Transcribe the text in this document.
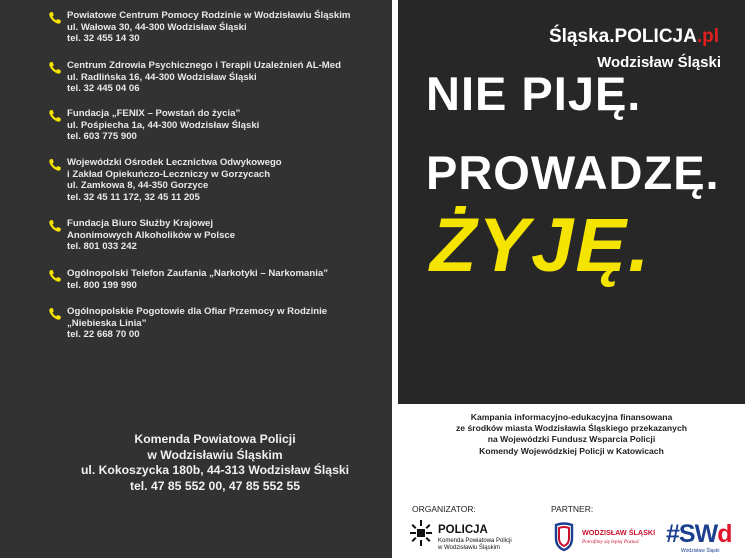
Powiatowe Centrum Pomocy Rodzinie w Wodzisławiu Śląskim
ul. Wałowa 30, 44-300 Wodzisław Śląski
tel. 32 455 14 30
Centrum Zdrowia Psychicznego i Terapii Uzależnień AL-Med
ul. Radlińska 16, 44-300 Wodzisław Śląski
tel. 32 445 04 06
Fundacja „FENIX – Powstań do życia”
ul. Pośpiecha 1a, 44-300 Wodzisław Śląski
tel. 603 775 900
Wojewódzki Ośrodek Lecznictwa Odwykowego
i Zakład Opiekuńczo-Leczniczy w Gorzycach
ul. Zamkowa 8, 44-350 Gorzyce
tel. 32 45 11 172, 32 45 11 205
Fundacja Biuro Służby Krajowej
Anonimowych Alkoholików w Polsce
tel. 801 033 242
Ogólnopolski Telefon Zaufania „Narkotyki – Narkomania”
tel. 800 199 990
Ogólnopolskie Pogotowie dla Ofiar Przemocy w Rodzinie
„Niebieska Linia”
tel. 22 668 70 00
Komenda Powiatowa Policji
w Wodzisławiu Śląskim
ul. Kokoszycka 180b, 44-313 Wodzisław Śląski
tel. 47 85 552 00, 47 85 552 55
Śląska.POLICJA.pl
Wodzisław Śląski
NIE PIJĘ.
PROWADZĘ.
ŻYJĘ.
Kampania informacyjno-edukacyjna finansowana
ze środków miasta Wodzisławia Śląskiego przekazanych
na Wojewódzki Fundusz Wsparcia Policji
Komendy Wojewódzkiej Policji w Katowicach
ORGANIZATOR:	PARTNER:
POLICJA
Komenda Powiatowa Policji
w Wodzisławiu Śląskim
WODZISŁAW ŚLĄSKI
Potrafimy się lepiej Poznać #SWd
Wodzisław Śląski
